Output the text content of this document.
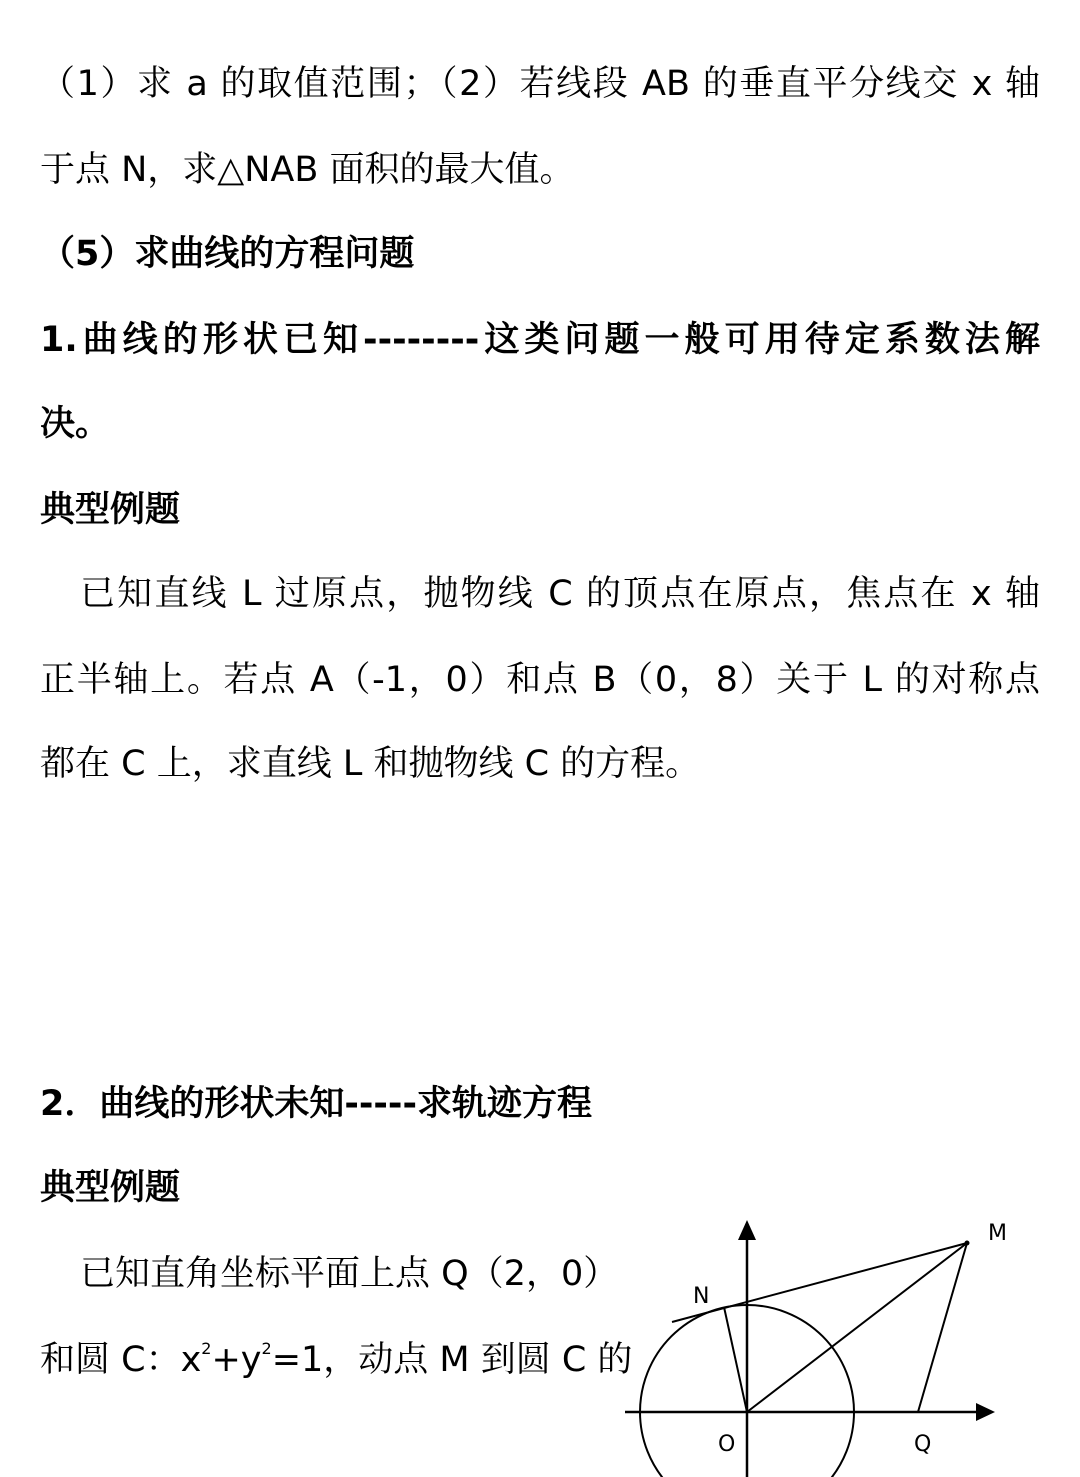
（1）求 a 的取值范围；（2）若线段 AB 的垂直平分线交 x 轴
于点 N，求△NAB 面积的最大值。
（5）求曲线的方程问题
1.曲线的形状已知--------这类问题一般可用待定系数法解
决。
典型例题
已知直线 L 过原点，抛物线 C 的顶点在原点，焦点在 x 轴
正半轴上。若点 A（-1，0）和点 B（0，8）关于 L 的对称点
都在 C 上，求直线 L 和抛物线 C 的方程。
2．曲线的形状未知-----求轨迹方程
典型例题
已知直角坐标平面上点 Q（2，0）
和圆 C：$x^2+y^2=1$，动点 M 到圆 C 的
M
N
O	Q
